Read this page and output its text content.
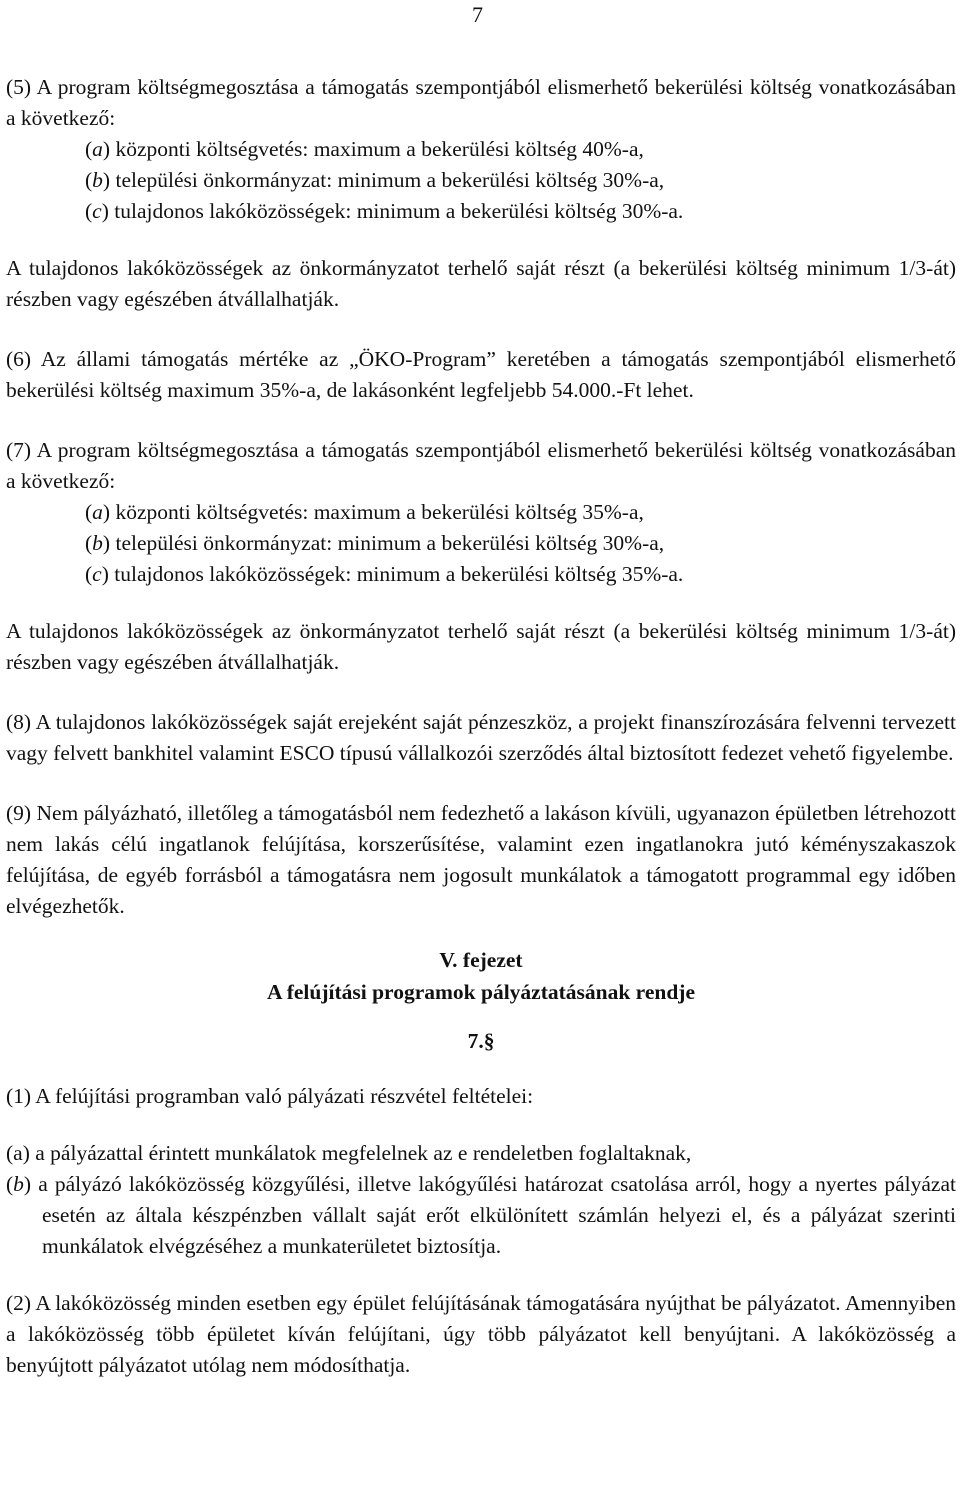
7

(5) A program költségmegosztása a támogatás szempontjából elismerhető bekerülési költség vonatkozásában a következő:

(a) központi költségvetés: maximum a bekerülési költség 40%-a,
(b) települési önkormányzat: minimum a bekerülési költség 30%-a,
(c) tulajdonos lakóközösségek: minimum a bekerülési költség 30%-a.

A tulajdonos lakóközösségek az önkormányzatot terhelő saját részt (a bekerülési költség minimum 1/3-át) részben vagy egészében átvállalhatják.

(6) Az állami támogatás mértéke az „ÖKO-Program” keretében a támogatás szempontjából elismerhető bekerülési költség maximum 35%-a, de lakásonként legfeljebb 54.000.-Ft lehet.

(7) A program költségmegosztása a támogatás szempontjából elismerhető bekerülési költség vonatkozásában a következő:

(a) központi költségvetés: maximum a bekerülési költség 35%-a,
(b) települési önkormányzat: minimum a bekerülési költség 30%-a,
(c) tulajdonos lakóközösségek: minimum a bekerülési költség 35%-a.

A tulajdonos lakóközösségek az önkormányzatot terhelő saját részt (a bekerülési költség minimum 1/3-át) részben vagy egészében átvállalhatják.

(8) A tulajdonos lakóközösségek saját erejeként saját pénzeszköz, a projekt finanszírozására felvenni tervezett vagy felvett bankhitel valamint ESCO típusú vállalkozói szerződés által biztosított fedezet vehető figyelembe.

(9) Nem pályázható, illetőleg a támogatásból nem fedezhető a lakáson kívüli, ugyanazon épületben létrehozott nem lakás célú ingatlanok felújítása, korszerűsítése, valamint ezen ingatlanokra jutó kéményszakaszok felújítása, de egyéb forrásból a támogatásra nem jogosult munkálatok a támogatott programmal egy időben elvégezhetők.

V. fejezet
A felújítási programok pályáztatásának rendje
7.§

(1) A felújítási programban való pályázati részvétel feltételei:

(a) a pályázattal érintett munkálatok megfelelnek az e rendeletben foglaltaknak,
(b) a pályázó lakóközösség közgyűlési, illetve lakógyűlési határozat csatolása arról, hogy a nyertes pályázat esetén az általa készpénzben vállalt saját erőt elkülönített számlán helyezi el, és a pályázat szerinti munkálatok elvégzéséhez a munkaterületet biztosítja.

(2) A lakóközösség minden esetben egy épület felújításának támogatására nyújthat be pályázatot. Amennyiben a lakóközösség több épületet kíván felújítani, úgy több pályázatot kell benyújtani. A lakóközösség a benyújtott pályázatot utólag nem módosíthatja.
